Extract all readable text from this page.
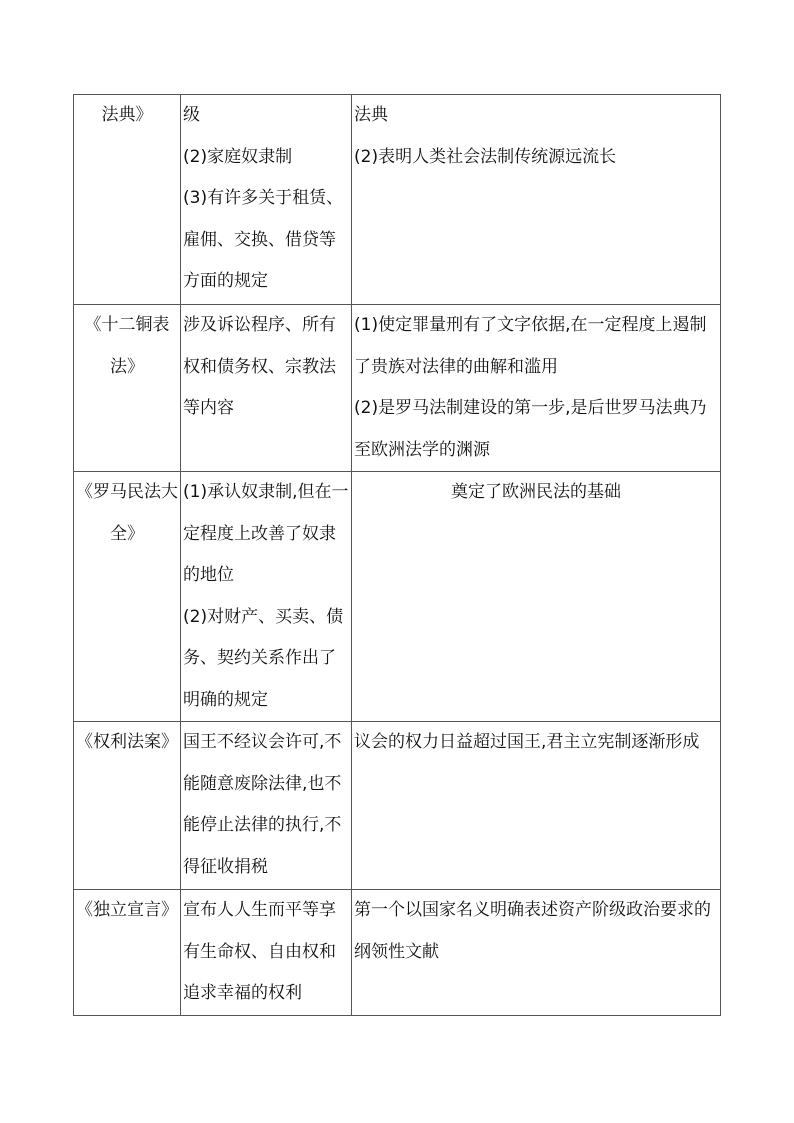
法典》	级
(2)家庭奴隶制
(3)有许多关于租赁、雇佣、交换、借贷等方面的规定	法典
(2)表明人类社会法制传统源远流长

《十二铜表法》	涉及诉讼程序、所有权和债务权、宗教法等内容	(1)使定罪量刑有了文字依据,在一定程度上遏制了贵族对法律的曲解和滥用
(2)是罗马法制建设的第一步,是后世罗马法典乃至欧洲法学的渊源

《罗马民法大全》	(1)承认奴隶制,但在一定程度上改善了奴隶的地位
(2)对财产、买卖、债务、契约关系作出了明确的规定	奠定了欧洲民法的基础

《权利法案》	国王不经议会许可,不能随意废除法律,也不能停止法律的执行,不得征收捐税	议会的权力日益超过国王,君主立宪制逐渐形成

《独立宣言》	宣布人人生而平等享有生命权、自由权和追求幸福的权利	第一个以国家名义明确表述资产阶级政治要求的纲领性文献
